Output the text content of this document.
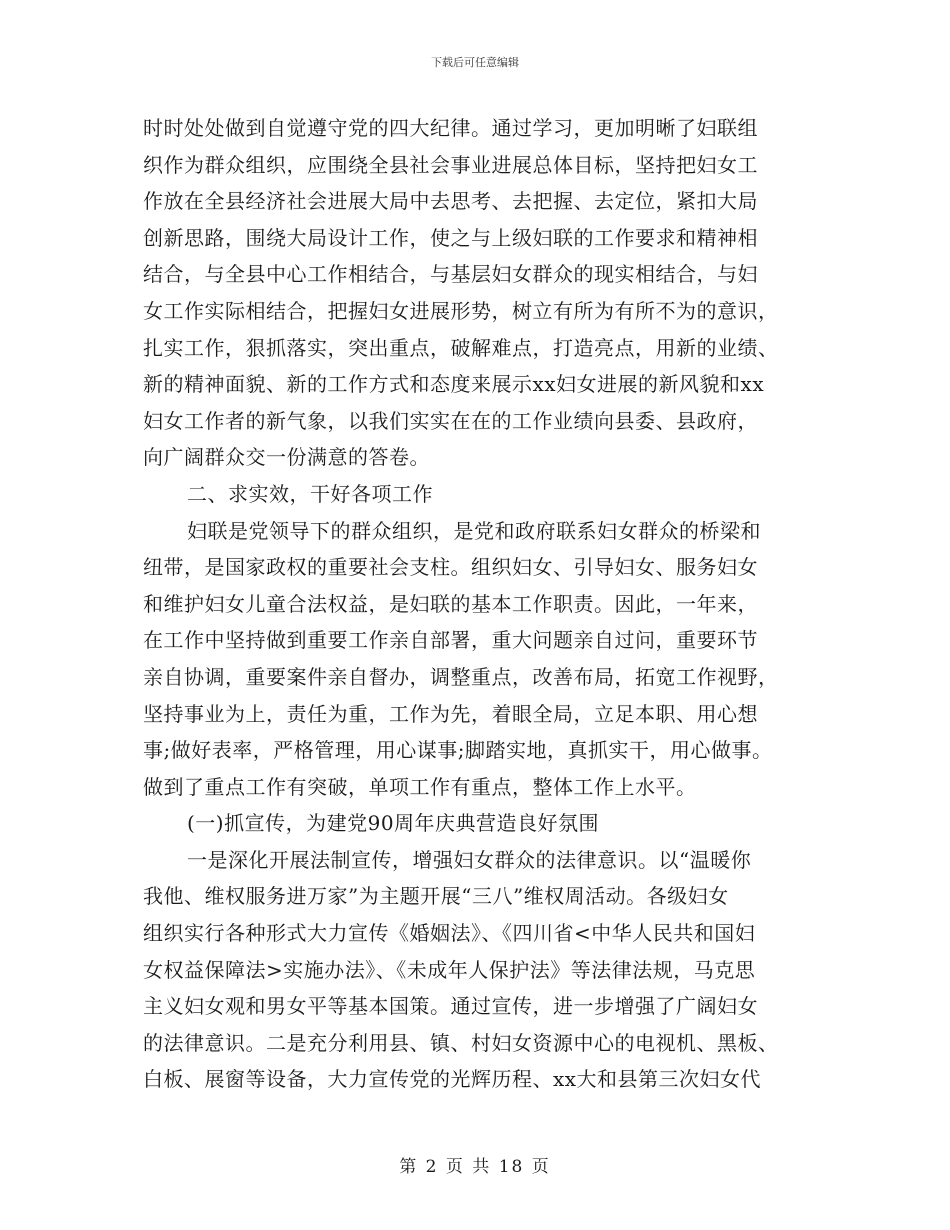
下载后可任意编辑
时时处处做到自觉遵守党的四大纪律。通过学习，更加明晰了妇联组
织作为群众组织，应围绕全县社会事业进展总体目标，坚持把妇女工
作放在全县经济社会进展大局中去思考、去把握、去定位，紧扣大局
创新思路，围绕大局设计工作，使之与上级妇联的工作要求和精神相
结合，与全县中心工作相结合，与基层妇女群众的现实相结合，与妇
女工作实际相结合，把握妇女进展形势，树立有所为有所不为的意识，
扎实工作，狠抓落实，突出重点，破解难点，打造亮点，用新的业绩、
新的精神面貌、新的工作方式和态度来展示xx妇女进展的新风貌和xx
妇女工作者的新气象，以我们实实在在的工作业绩向县委、县政府，
向广阔群众交一份满意的答卷。
二、求实效，干好各项工作
妇联是党领导下的群众组织，是党和政府联系妇女群众的桥梁和
纽带，是国家政权的重要社会支柱。组织妇女、引导妇女、服务妇女
和维护妇女儿童合法权益，是妇联的基本工作职责。因此，一年来，
在工作中坚持做到重要工作亲自部署，重大问题亲自过问，重要环节
亲自协调，重要案件亲自督办，调整重点，改善布局，拓宽工作视野，
坚持事业为上，责任为重，工作为先，着眼全局，立足本职、用心想
事;做好表率，严格管理，用心谋事;脚踏实地，真抓实干，用心做事。
做到了重点工作有突破，单项工作有重点，整体工作上水平。
(一)抓宣传，为建党90周年庆典营造良好氛围
一是深化开展法制宣传，增强妇女群众的法律意识。以“温暖你
我他、维权服务进万家”为主题开展“三八”维权周活动。各级妇女
组织实行各种形式大力宣传《婚姻法》、《四川省<中华人民共和国妇
女权益保障法>实施办法》、《未成年人保护法》等法律法规，马克思
主义妇女观和男女平等基本国策。通过宣传，进一步增强了广阔妇女
的法律意识。二是充分利用县、镇、村妇女资源中心的电视机、黑板、
白板、展窗等设备，大力宣传党的光辉历程、xx大和县第三次妇女代
第 2 页 共 18 页
